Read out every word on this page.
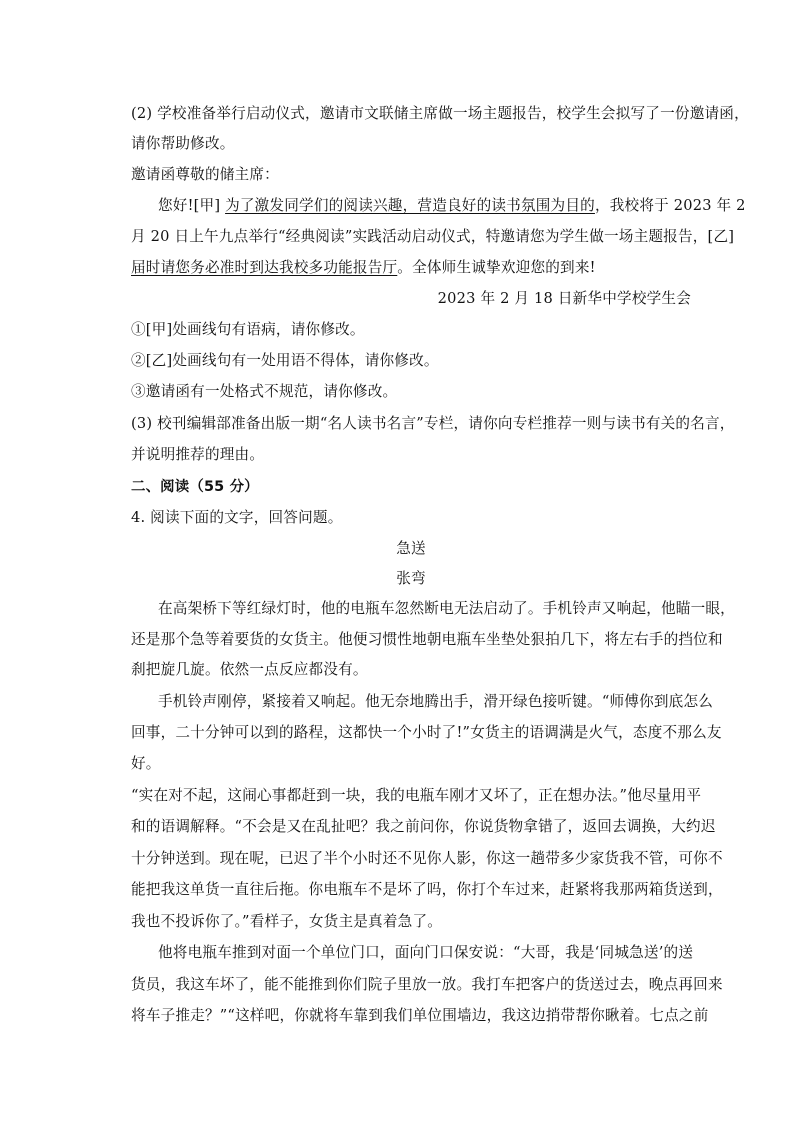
(2) 学校准备举行启动仪式，邀请市文联储主席做一场主题报告，校学生会拟写了一份邀请函，
请你帮助修改。
邀请函尊敬的储主席：
您好![甲] 为了激发同学们的阅读兴趣，营造良好的读书氛围为目的，我校将于 2023 年 2
月 20 日上午九点举行“经典阅读”实践活动启动仪式，特邀请您为学生做一场主题报告，[乙]
届时请您务必准时到达我校多功能报告厅。全体师生诚挚欢迎您的到来!
2023 年 2 月 18 日新华中学校学生会
①[甲]处画线句有语病，请你修改。
②[乙]处画线句有一处用语不得体，请你修改。
③邀请函有一处格式不规范，请你修改。
(3) 校刊编辑部准备出版一期“名人读书名言”专栏，请你向专栏推荐一则与读书有关的名言，
并说明推荐的理由。
二、阅读（55 分）
4. 阅读下面的文字，回答问题。
急送
张弯
在高架桥下等红绿灯时，他的电瓶车忽然断电无法启动了。手机铃声又响起，他瞄一眼，
还是那个急等着要货的女货主。他便习惯性地朝电瓶车坐垫处狠拍几下，将左右手的挡位和
刹把旋几旋。依然一点反应都没有。
手机铃声刚停，紧接着又响起。他无奈地腾出手，滑开绿色接听键。“师傅你到底怎么
回事，二十分钟可以到的路程，这都快一个小时了!”女货主的语调满是火气，态度不那么友
好。
“实在对不起，这闹心事都赶到一块，我的电瓶车刚才又坏了，正在想办法。”他尽量用平
和的语调解释。“不会是又在乱扯吧？我之前问你，你说货物拿错了，返回去调换，大约迟
十分钟送到。现在呢，已迟了半个小时还不见你人影，你这一趟带多少家货我不管，可你不
能把我这单货一直往后拖。你电瓶车不是坏了吗，你打个车过来，赶紧将我那两箱货送到，
我也不投诉你了。”看样子，女货主是真着急了。
他将电瓶车推到对面一个单位门口，面向门口保安说：“大哥，我是‘同城急送’的送
货员，我这车坏了，能不能推到你们院子里放一放。我打车把客户的货送过去，晚点再回来
将车子推走？”“这样吧，你就将车靠到我们单位围墙边，我这边捎带帮你瞅着。七点之前
